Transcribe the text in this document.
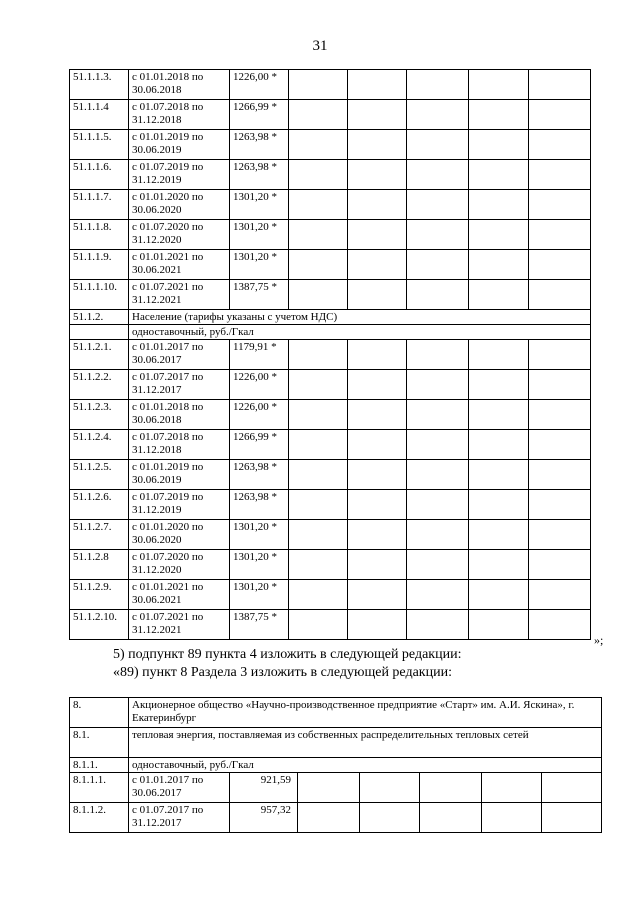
31
51.1.1.3.	с 01.01.2018 по 30.06.2018	1226,00 *					
51.1.1.4	с 01.07.2018 по 31.12.2018	1266,99 *					
51.1.1.5.	с 01.01.2019 по 30.06.2019	1263,98 *					
51.1.1.6.	с 01.07.2019 по 31.12.2019	1263,98 *					
51.1.1.7.	с 01.01.2020 по 30.06.2020	1301,20 *					
51.1.1.8.	с 01.07.2020 по 31.12.2020	1301,20 *					
51.1.1.9.	с 01.01.2021 по 30.06.2021	1301,20 *					
51.1.1.10.	с 01.07.2021 по 31.12.2021	1387,75 *					
51.1.2.	Население (тарифы указаны с учетом НДС)						
	одноставочный, руб./Гкал						
51.1.2.1.	с 01.01.2017 по 30.06.2017	1179,91 *					
51.1.2.2.	с 01.07.2017 по 31.12.2017	1226,00 *					
51.1.2.3.	с 01.01.2018 по 30.06.2018	1226,00 *					
51.1.2.4.	с 01.07.2018 по 31.12.2018	1266,99 *					
51.1.2.5.	с 01.01.2019 по 30.06.2019	1263,98 *					
51.1.2.6.	с 01.07.2019 по 31.12.2019	1263,98 *					
51.1.2.7.	с 01.01.2020 по 30.06.2020	1301,20 *					
51.1.2.8	с 01.07.2020 по 31.12.2020	1301,20 *					
51.1.2.9.	с 01.01.2021 по 30.06.2021	1301,20 *					
51.1.2.10.	с 01.07.2021 по 31.12.2021	1387,75 *					
»;
5) подпункт 89 пункта 4 изложить в следующей редакции:
«89) пункт 8 Раздела 3 изложить в следующей редакции:
8.	Акционерное общество «Научно-производственное предприятие «Старт» им. А.И. Яскина», г. Екатеринбург						
8.1.	тепловая энергия, поставляемая из собственных распределительных тепловых сетей						
8.1.1.	одноставочный, руб./Гкал						
8.1.1.1.	с 01.01.2017 по 30.06.2017	921,59					
8.1.1.2.	с 01.07.2017 по 31.12.2017	957,32					
